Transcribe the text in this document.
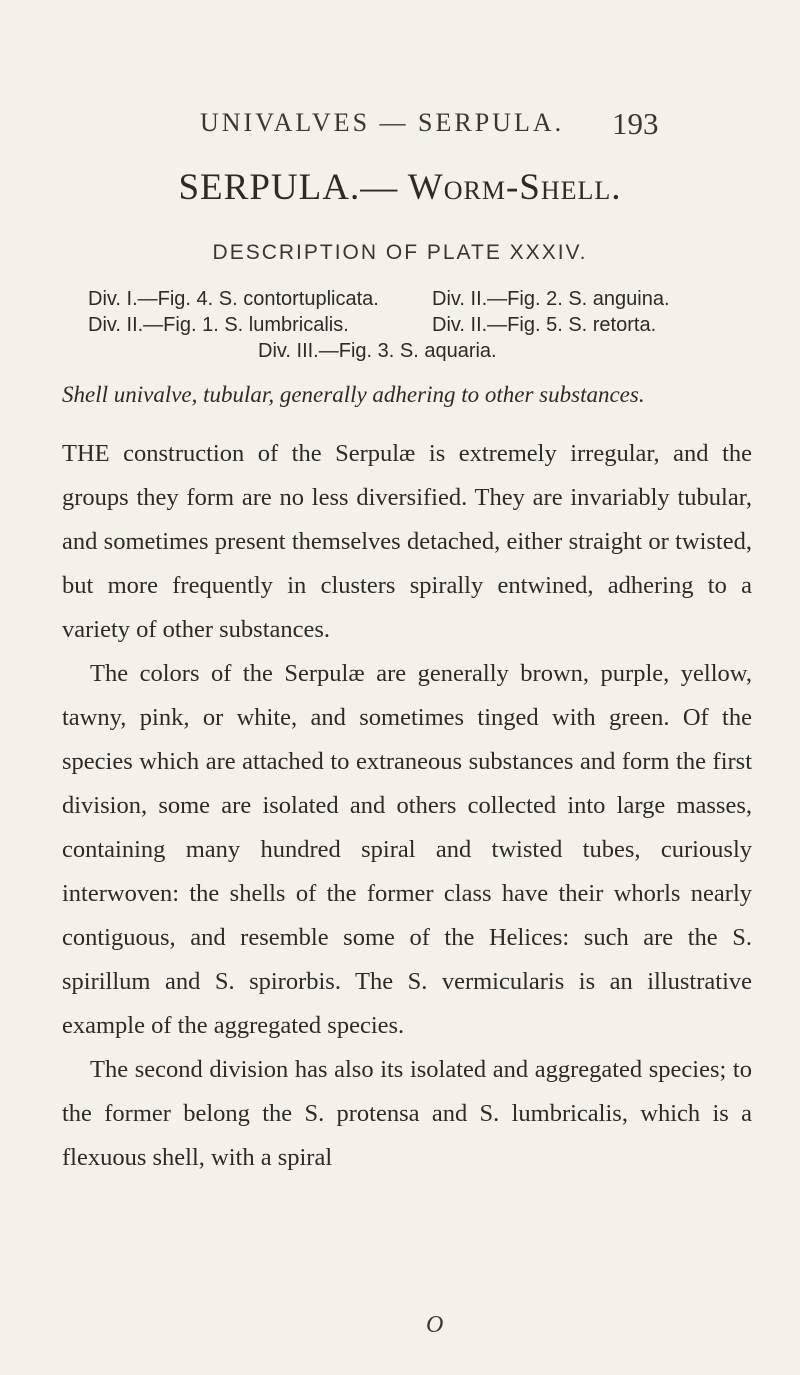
UNIVALVES — SERPULA. 193
SERPULA.— Worm-Shell.
DESCRIPTION OF PLATE XXXIV.
Div. I.—Fig. 4. S. contortuplicata.	Div. II.—Fig. 2. S. anguina.
Div. II.—Fig. 1. S. lumbricalis.	Div. II.—Fig. 5. S. retorta.
Div. III.—Fig. 3. S. aquaria.
Shell univalve, tubular, generally adhering to other substances.

THE construction of the Serpulæ is extremely irregular, and the groups they form are no less diversified. They are invariably tubular, and sometimes present themselves detached, either straight or twisted, but more frequently in clusters spirally entwined, adhering to a variety of other substances.

The colors of the Serpulæ are generally brown, purple, yellow, tawny, pink, or white, and sometimes tinged with green. Of the species which are attached to extraneous substances and form the first division, some are isolated and others collected into large masses, containing many hundred spiral and twisted tubes, curiously interwoven: the shells of the former class have their whorls nearly contiguous, and resemble some of the Helices: such are the S. spirillum and S. spirorbis. The S. vermicularis is an illustrative example of the aggregated species.

The second division has also its isolated and aggregated species; to the former belong the S. protensa and S. lumbricalis, which is a flexuous shell, with a spiral

O
